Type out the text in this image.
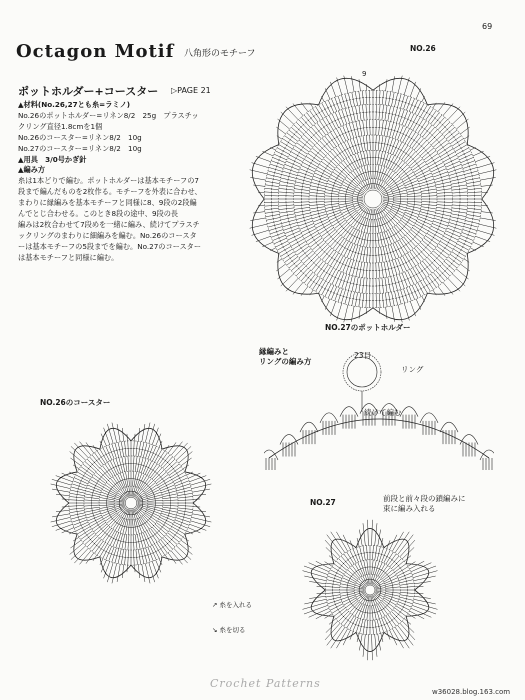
69
Octagon Motif 八角形のモチーフ
ポットホルダー+コースター ▷PAGE 21
▲材料(No.26,27とも糸=ラミノ)
No.26のポットホルダー=リネン8/2　25g　プラスチッ
クリング直径1.8cmを1個
No.26のコースター=リネン8/2　10g
No.27のコースター=リネン8/2　10g
▲用具　3/0号かぎ針
▲編み方
糸は1本どりで編む。ポットホルダーは基本モチーフの7
段まで編んだものを2枚作る。モチーフを外表に合わせ、
まわりに縁編みを基本モチーフと同様に8、9段の2段編
んでとじ合わせる。このとき8段の途中、9段の長
編みは2枚合わせて7段めを一緒に編み、続けてプラスチ
ックリングのまわりに細編みを編む。No.26のコースタ
ーは基本モチーフの5段までを編む。No.27のコースター
は基本モチーフと同様に編む。
NO.26
9
NO.27のポットホルダー
縁編みと
リングの編み方
23目
リング
続けて編む
NO.26のコースター
NO.27	前段と前々段の鎖編みに
束に編み入れる
↗ 糸を入れる
↘ 糸を切る
Crochet Patterns
w36028.blog.163.com
